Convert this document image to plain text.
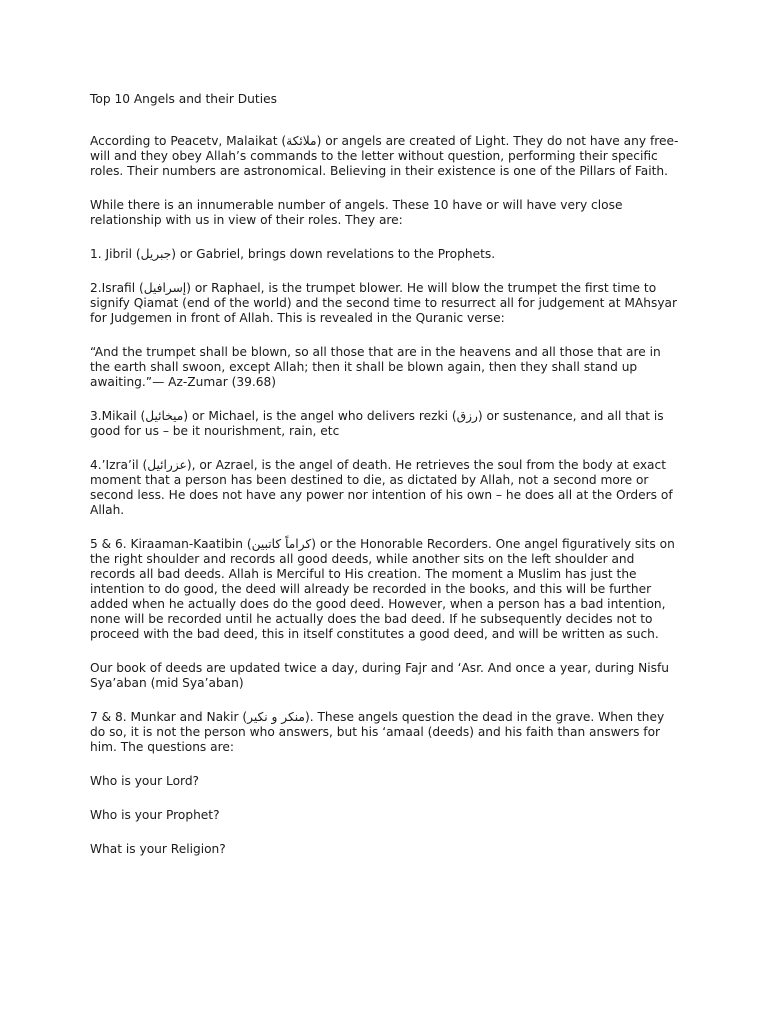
Top 10 Angels and their Duties

According to Peacetv, Malaikat (ملائكة) or angels are created of Light. They do not have any free-will and they obey Allah’s commands to the letter without question, performing their specific roles. Their numbers are astronomical. Believing in their existence is one of the Pillars of Faith.

While there is an innumerable number of angels. These 10 have or will have very close relationship with us in view of their roles. They are:

1. Jibril (جبريل) or Gabriel, brings down revelations to the Prophets.

2.Israfil (إسرافيل) or Raphael, is the trumpet blower. He will blow the trumpet the first time to signify Qiamat (end of the world) and the second time to resurrect all for judgement at MAhsyar for Judgemen in front of Allah. This is revealed in the Quranic verse:

“And the trumpet shall be blown, so all those that are in the heavens and all those that are in the earth shall swoon, except Allah; then it shall be blown again, then they shall stand up awaiting.”— Az-Zumar (39.68)

3.Mikail (ميخائيل) or Michael, is the angel who delivers rezki (رزق) or sustenance, and all that is good for us – be it nourishment, rain, etc

4.’Izra’il (عزرائيل), or Azrael, is the angel of death. He retrieves the soul from the body at exact moment that a person has been destined to die, as dictated by Allah, not a second more or second less. He does not have any power nor intention of his own – he does all at the Orders of Allah.

5 & 6. Kiraaman-Kaatibin (كراماً كاتبين) or the Honorable Recorders. One angel figuratively sits on the right shoulder and records all good deeds, while another sits on the left shoulder and records all bad deeds. Allah is Merciful to His creation. The moment a Muslim has just the intention to do good, the deed will already be recorded in the books, and this will be further added when he actually does do the good deed. However, when a person has a bad intention, none will be recorded until he actually does the bad deed. If he subsequently decides not to proceed with the bad deed, this in itself constitutes a good deed, and will be written as such.

Our book of deeds are updated twice a day, during Fajr and ‘Asr. And once a year, during Nisfu Sya’aban (mid Sya’aban)

7 & 8. Munkar and Nakir (منكر و نكير). These angels question the dead in the grave. When they do so, it is not the person who answers, but his ‘amaal (deeds) and his faith than answers for him. The questions are:

Who is your Lord?

Who is your Prophet?

What is your Religion?
